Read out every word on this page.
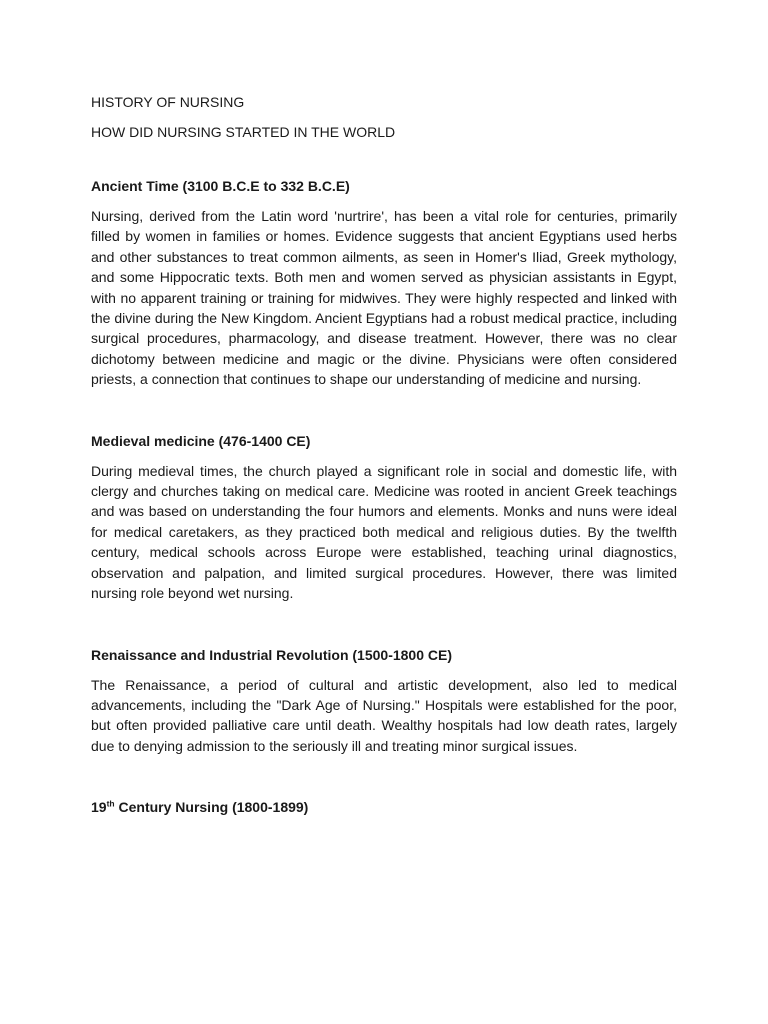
HISTORY OF NURSING

HOW DID NURSING STARTED IN THE WORLD

Ancient Time (3100 B.C.E to 332 B.C.E)

Nursing, derived from the Latin word 'nurtrire', has been a vital role for centuries, primarily filled by women in families or homes. Evidence suggests that ancient Egyptians used herbs and other substances to treat common ailments, as seen in Homer's Iliad, Greek mythology, and some Hippocratic texts. Both men and women served as physician assistants in Egypt, with no apparent training or training for midwives. They were highly respected and linked with the divine during the New Kingdom. Ancient Egyptians had a robust medical practice, including surgical procedures, pharmacology, and disease treatment. However, there was no clear dichotomy between medicine and magic or the divine. Physicians were often considered priests, a connection that continues to shape our understanding of medicine and nursing.

Medieval medicine (476-1400 CE)

During medieval times, the church played a significant role in social and domestic life, with clergy and churches taking on medical care. Medicine was rooted in ancient Greek teachings and was based on understanding the four humors and elements. Monks and nuns were ideal for medical caretakers, as they practiced both medical and religious duties. By the twelfth century, medical schools across Europe were established, teaching urinal diagnostics, observation and palpation, and limited surgical procedures. However, there was limited nursing role beyond wet nursing.

Renaissance and Industrial Revolution (1500-1800 CE)

The Renaissance, a period of cultural and artistic development, also led to medical advancements, including the "Dark Age of Nursing." Hospitals were established for the poor, but often provided palliative care until death. Wealthy hospitals had low death rates, largely due to denying admission to the seriously ill and treating minor surgical issues.

19th Century Nursing (1800-1899)
